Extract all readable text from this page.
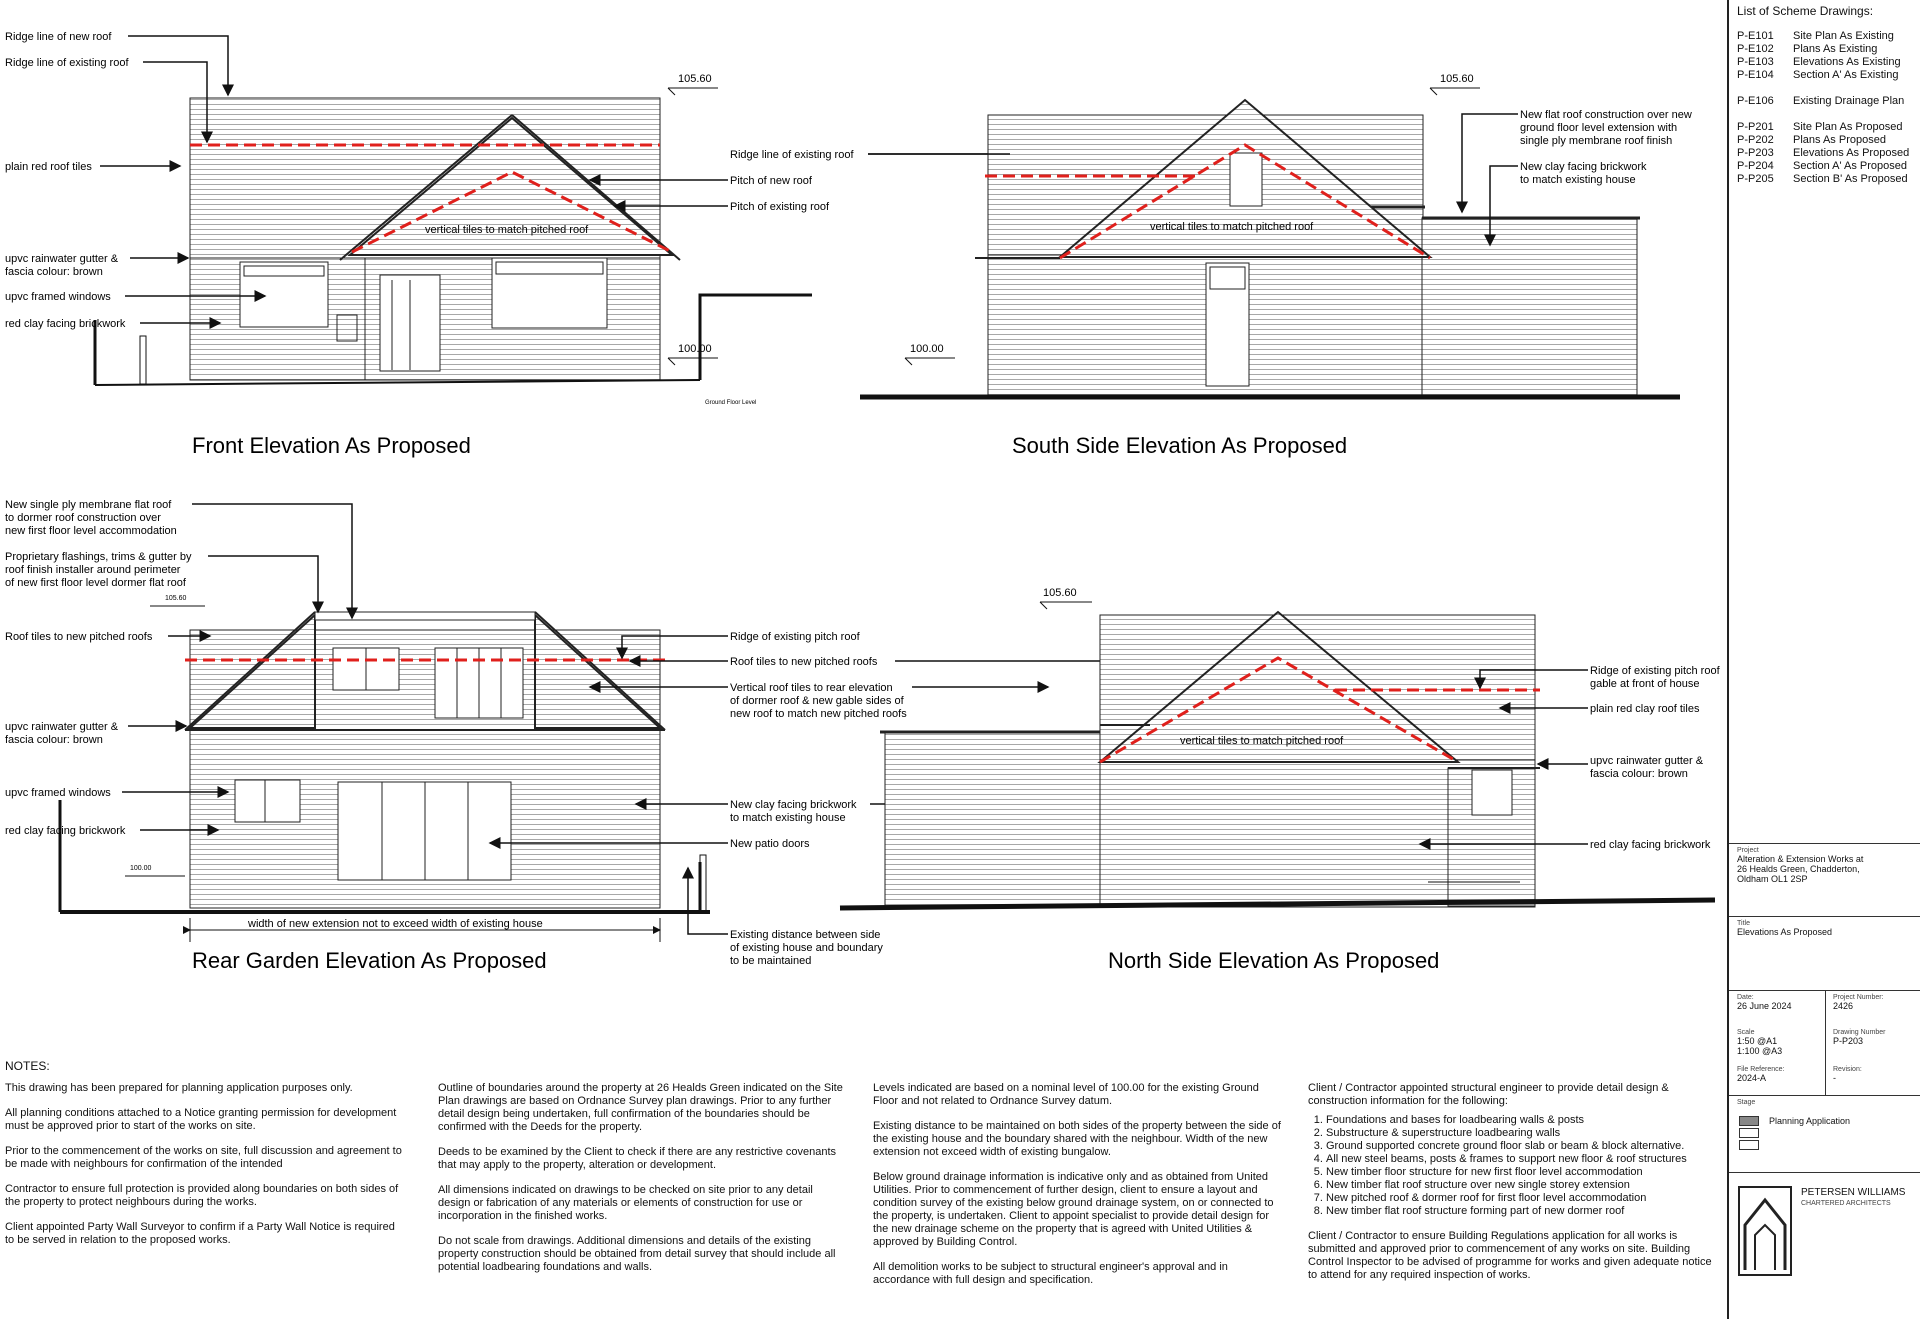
vertical tiles to match pitched roof
105.60
100.00
Ground Floor Level
Ridge line of new roof
Ridge line of existing roof
plain red roof tiles
upvc rainwater gutter &
fascia colour: brown
upvc framed windows
red clay facing brickwork
Ridge line of existing roof
Pitch of new roof
Pitch of existing roof
Front Elevation As Proposed
vertical tiles to match pitched roof
105.60
100.00
New flat roof construction over new
ground floor level extension with
single ply membrane roof finish
New clay facing brickwork
to match existing house
South Side Elevation As Proposed
105.60
100.00
width of new extension not to exceed width of existing house
New single ply membrane flat roof
to dormer roof construction over
new first floor level accommodation
Proprietary flashings, trims & gutter by
roof finish installer around perimeter
of new first floor level dormer flat roof
Roof tiles to new pitched roofs
upvc rainwater gutter &
fascia colour: brown
upvc framed windows
red clay facing brickwork
Ridge of existing pitch roof
Roof tiles to new pitched roofs
Vertical roof tiles to rear elevation
of dormer roof & new gable sides of
new roof to match new pitched roofs
New clay facing brickwork
to match existing house
New patio doors
Existing distance between side
of existing house and boundary
to be maintained
Rear Garden Elevation As Proposed
vertical tiles to match pitched roof
105.60
Ridge of existing pitch roof
gable at front of house
plain red clay roof tiles
upvc rainwater gutter &
fascia colour: brown
red clay facing brickwork
North Side Elevation As Proposed
NOTES:

This drawing has been prepared for planning application purposes only.

All planning conditions attached to a Notice granting permission for development must be approved prior to start of the works on site.

Prior to the commencement of the works on site, full discussion and agreement to be made with neighbours for confirmation of the intended

Contractor to ensure full protection is provided along boundaries on both sides of the property to protect neighbours during the works.

Client appointed Party Wall Surveyor to confirm if a Party Wall Notice is required to be served in relation to the proposed works.

Outline of boundaries around the property at 26 Healds Green indicated on the Site Plan drawings are based on Ordnance Survey plan drawings. Prior to any further detail design being undertaken, full confirmation of the boundaries should be confirmed with the Deeds for the property.

Deeds to be examined by the Client to check if there are any restrictive covenants that may apply to the property, alteration or development.

All dimensions indicated on drawings to be checked on site prior to any detail design or fabrication of any materials or elements of construction for use or incorporation in the finished works.

Do not scale from drawings. Additional dimensions and details of the existing property construction should be obtained from detail survey that should include all potential loadbearing foundations and walls.

Levels indicated are based on a nominal level of 100.00 for the existing Ground Floor and not related to Ordnance Survey datum.

Existing distance to be maintained on both sides of the property between the side of the existing house and the boundary shared with the neighbour. Width of the new extension not exceed width of existing bungalow.

Below ground drainage information is indicative only and as obtained from United Utilities. Prior to commencement of further design, client to ensure a layout and condition survey of the existing below ground drainage system, on or connected to the property, is undertaken. Client to appoint specialist to provide detail design for the new drainage scheme on the property that is agreed with United Utilities & approved by Building Control.

All demolition works to be subject to structural engineer's approval and in accordance with full design and specification.

Client / Contractor appointed structural engineer to provide detail design & construction information for the following:

1. Foundations and bases for loadbearing walls & posts
2. Substructure & superstructure loadbearing walls
3. Ground supported concrete ground floor slab or beam & block alternative.
4. All new steel beams, posts & frames to support new floor & roof structures
5. New timber floor structure for new first floor level accommodation
6. New timber flat roof structure over new single storey extension
7. New pitched roof & dormer roof for first floor level accommodation
8. New timber flat roof structure forming part of new dormer roof

Client / Contractor to ensure Building Regulations application for all works is submitted and approved prior to commencement of any works on site. Building Control Inspector to be advised of programme for works and given adequate notice to attend for any required inspection of works.

List of Scheme Drawings:
P-E101	Site Plan As Existing
P-E102	Plans As Existing
P-E103	Elevations As Existing
P-E104	Section A' As Existing
P-E106	Existing Drainage Plan
P-P201	Site Plan As Proposed
P-P202	Plans As Proposed
P-P203	Elevations As Proposed
P-P204	Section A' As Proposed
P-P205	Section B' As Proposed
Project
Alteration & Extension Works at
26 Healds Green, Chadderton,
Oldham OL1 2SP
Title
Elevations As Proposed
Date:
26 June 2024
Project Number:
2426
Scale
1:50 @A1
1:100 @A3
Drawing Number
P-P203
File Reference:
2024-A
Revision:
-
Stage
Planning Application
PETERSEN WILLIAMS
CHARTERED ARCHITECTS
